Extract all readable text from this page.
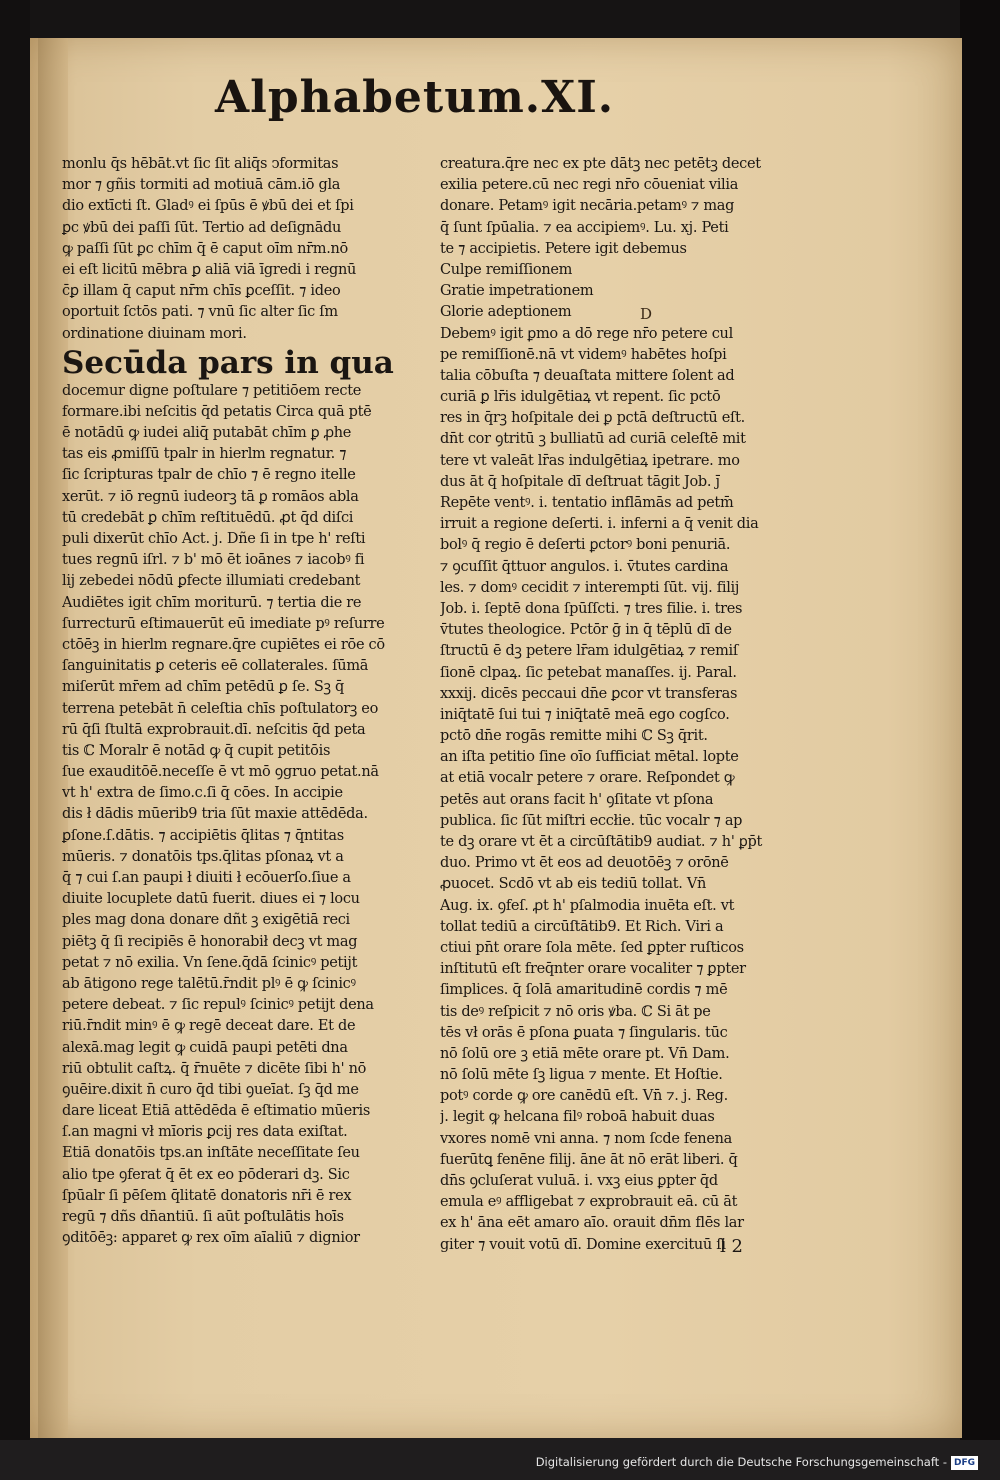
Alphabetum.XI.
monlu q̄s hēbāt.vt ſic ſit aliq̄s ↄformitas
mor ⁊ gñis tormiti ad motiuā cām.iō gla
dio extīcti ſt. Gladꝰ ei ſpūs ē ꝟbū dei et ſpi
ꝑc ꝟbū dei paſſi ſūt. Tertio ad deſignādu
ꝙ paſſi ſūt ꝑc chīm q̄ ē caput oīm nr̄m.nō
ei eſt licitū mēbra ꝑ aliā viā īgredi i regnū
c̄ꝑ illam q̄ caput nr̄m chīs ꝑceſſit. ⁊ ideo
oportuit ſctōs pati. ⁊ vnū ſic alter ſic ſm
ordinatione diuinam mori.
Secūda pars in qua
docemur digne poſtulare ⁊ petitiōem recte
formare.ibi neſcitis q̄d petatis Circa quā ptē
ē notādū ꝙ iudei aliq̄ putabāt chīm ꝑ ꝓhe
tas eis ꝓmiſſū tpalr in hierlm regnatur. ⁊
ſic ſcripturas tpalr de chīo ⁊ ē regno itelle
xerūt. ⁊ iō regnū iudeorꝫ tā ꝑ romāos abla
tū credebāt ꝑ chīm reſtituēdū. ꝓt q̄d diſci
puli dixerūt chīo Act. j. Dñe ſi in tpe h' reſti
tues regnū iſrl. ⁊ b' mō ēt ioānes ⁊ iacobꝰ fi
lij zebedei nōdū ꝑfecte illumiati credebant
Audiētes igit chīm moriturū. ⁊ tertia die re
ſurrecturū eſtimauerūt eū imediate pꝰ reſurre
ctōēꝫ in hierlm regnare.q̄re cupiētes ei rōe cō
ſanguinitatis ꝑ ceteris eē collaterales. ſūmā
miſerūt mr̄em ad chīm petēdū ꝑ ſe. Sꝫ q̄
terrena petebāt n̄ celeſtia chīs poſtulatorꝫ eo
rū q̄ſi ſtultā exprobrauit.dī. neſcitis q̄d peta
tis ℂ Moralr ē notād ꝙ q̄ cupit petitōis
ſue exauditōē.neceſſe ē vt mō ꝯgruo petat.nā
vt h' extra de ſimo.c.ſi q̄ cōes. In accipie
dis ł dādis mūerib9 tria ſūt maxie attēdēda.
ꝑſone.ſ.dātis. ⁊ accipiētis q̄litas ⁊ q̄ntitas
mūeris. ⁊ donatōis tps.q̄litas pſonaꝝ vt a
q̄ ⁊ cui ſ.an paupi ł diuiti ł ecōuerſo.ſiue a
diuite locuplete datū fuerit. diues ei ⁊ locu
ples mag dona donare dñt ꝫ exigētiā reci
piētꝫ q̄ ſi recipiēs ē honorabił decꝫ vt mag
petat ⁊ nō exilia. Vn ſene.q̄dā ſcinicꝰ petijt
ab ātigono rege talētū.r̄ndit plꝰ ē ꝙ ſcinicꝰ
petere debeat. ⁊ ſic repulꝰ ſcinicꝰ petijt dena
riū.r̄ndit minꝰ ē ꝙ regē deceat dare. Et de
alexā.mag legit ꝙ cuidā paupi petēti dna
riū obtulit caſtꝝ. q̄ r̄nuēte ⁊ dicēte ſibi h' nō
ꝯuēire.dixit n̄ curo q̄d tibi ꝯueīat. ſꝫ q̄d me
dare liceat Etiā attēdēda ē eſtimatio mūeris
ſ.an magni vł mīoris ꝑcij res data exiſtat.
Etiā donatōis tps.an inſtāte neceſſitate ſeu
alio tpe ꝯferat q̄ ēt ex eo pōderari dꝫ. Sic
ſpūalr ſi pēſem q̄litatē donatoris nr̄i ē rex
regū ⁊ dñs dn̄antiū. ſi aūt poſtulātis hoīs
ꝯditōēꝫ: apparet ꝙ rex oīm aīaliū ⁊ dignior
creatura.q̄re nec ex pte dātꝫ nec petētꝫ decet
exilia petere.cū nec regi nr̄o cōueniat vilia
donare. Petamꝰ igit necāria.petamꝰ ⁊ mag
q̄ ſunt ſpūalia. ⁊ ea accipiemꝰ. Lu. xj. Peti
te ⁊ accipietis. Petere igit debemus
Culpe remiſſionem
Gratie impetrationem
Glorie adeptionem	D
Debemꝰ igit ꝑmo a dō rege nr̄o petere cul
pe remiſſionē.nā vt videmꝰ habētes hoſpi
talia cōbuſta ⁊ deuaſtata mittere ſolent ad
curiā ꝑ lr̄is idulgētiaꝝ vt repent. ſic pctō
res in q̄rꝫ hoſpitale dei ꝑ pctā deſtructū eſt.
dn̄t cor ꝯtritū ꝫ bulliatū ad curiā celeſtē mit
tere vt valeāt lr̄as indulgētiaꝝ ipetrare. mo
dus āt q̄ hoſpitale dī deſtruat tāgit Job. ȷ̄
Repēte ventꝰ. i. tentatio inflāmās ad petm̄
irruit a regione deſerti. i. inferni a q̄ venit dia
bolꝰ q̄ regio ē deſerti ꝑctorꝰ boni penuriā.
⁊ ꝯcuſſit q̄ttuor angulos. i. v̄tutes cardina
les. ⁊ domꝰ cecidit ⁊ interempti ſūt. vij. filij
Job. i. ſeptē dona ſpūſſcti. ⁊ tres filie. i. tres
v̄tutes theologice. Pctōr ḡ in q̄ tēplū dī de
ſtructū ē dꝫ petere lr̄am idulgētiaꝝ ⁊ remiſ
ſionē clpaꝝ. ſic petebat manaſſes. ij. Paral.
xxxij. dicēs peccaui dn̄e ꝑcor vt transferas
iniq̄tatē ſui tui ⁊ iniq̄tatē meā ego cogſco.
pctō dn̄e rogās remitte mihi ℂ Sꝫ q̄rit.
an iſta petitio ſine oīo ſufficiat mētal. lopte
at etiā vocalr petere ⁊ orare. Reſpondet ꝙ
petēs aut orans facit h' ꝯſitate vt pſona
publica. ſic ſūt miſtri eccłie. tūc vocalr ⁊ ap
te dꝫ orare vt ēt a circūſtātib9 audiat. ⁊ h' ꝑp̄t
duo. Primo vt ēt eos ad deuotōēꝫ ⁊ orōnē
ꝓuocet. Scdō vt ab eis tediū tollat. Vn̄
Aug. ix. ꝯfeſ. ꝓt h' pſalmodia inuēta eſt. vt
tollat tediū a circūſtātib9. Et Rich. Viri a
ctiui pn̄t orare ſola mēte. ſed ꝑpter ruſticos
inſtitutū eſt freq̄nter orare vocaliter ⁊ ꝑpter
ſimplices. q̄ ſolā amaritudinē cordis ⁊ mē
tis deꝰ reſpicit ⁊ nō oris ꝟba. ℂ Si āt pe
tēs vł orās ē pſona ꝑuata ⁊ ſingularis. tūc
nō ſolū ore ꝫ etiā mēte orare pt. Vn̄ Dam.
nō ſolū mēte ſꝫ ligua ⁊ mente. Et Hoſtie.
potꝰ corde ꝙ ore canēdū eſt. Vn̄ ⁊. j. Reg.
j. legit ꝙ helcana filꝰ roboā habuit duas
vxores nomē vni anna. ⁊ nom ſcde fenena
fuerūtꝗ fenēne filij. āne āt nō erāt liberi. q̄
dn̄s ꝯcluſerat vuluā. i. vxꝫ eius ꝑpter q̄d
emula eꝰ affligebat ⁊ exprobrauit eā. cū āt
ex h' āna eēt amaro aīo. orauit dn̄m flēs lar
giter ⁊ vouit votū dī. Domine exercituū ſi
l 2
Digitalisierung gefördert durch die Deutsche Forschungsgemeinschaft - DFG
